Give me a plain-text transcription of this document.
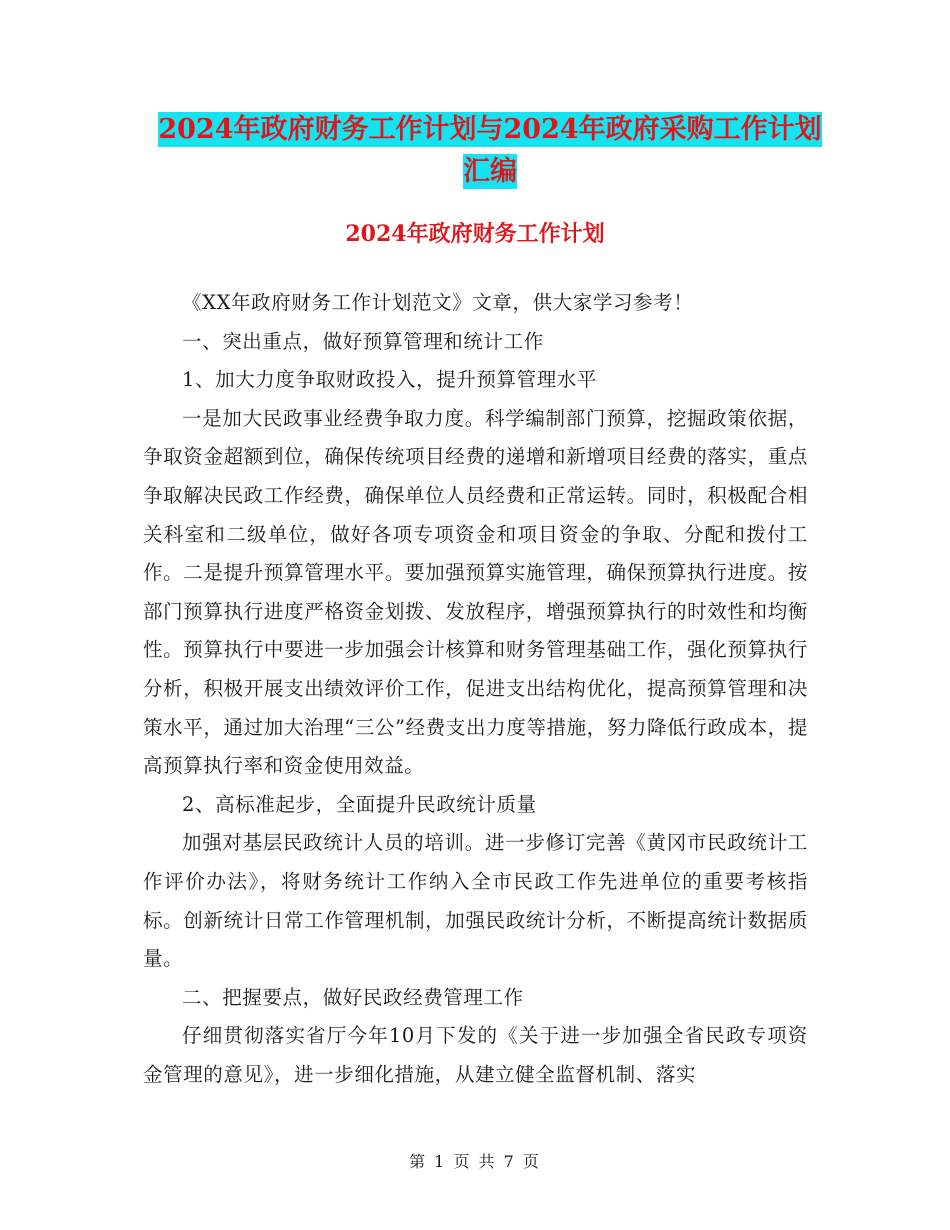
2024年政府财务工作计划与2024年政府采购工作计划
汇编
2024年政府财务工作计划

《XX年政府财务工作计划范文》文章，供大家学习参考！

一、突出重点，做好预算管理和统计工作

1、加大力度争取财政投入，提升预算管理水平

一是加大民政事业经费争取力度。科学编制部门预算，挖掘政策依据，争取资金超额到位，确保传统项目经费的递增和新增项目经费的落实，重点争取解决民政工作经费，确保单位人员经费和正常运转。同时，积极配合相关科室和二级单位，做好各项专项资金和项目资金的争取、分配和拨付工作。二是提升预算管理水平。要加强预算实施管理，确保预算执行进度。按部门预算执行进度严格资金划拨、发放程序，增强预算执行的时效性和均衡性。预算执行中要进一步加强会计核算和财务管理基础工作，强化预算执行分析，积极开展支出绩效评价工作，促进支出结构优化，提高预算管理和决策水平，通过加大治理“三公”经费支出力度等措施，努力降低行政成本，提高预算执行率和资金使用效益。

2、高标准起步，全面提升民政统计质量

加强对基层民政统计人员的培训。进一步修订完善《黄冈市民政统计工作评价办法》，将财务统计工作纳入全市民政工作先进单位的重要考核指标。创新统计日常工作管理机制，加强民政统计分析，不断提高统计数据质量。

二、把握要点，做好民政经费管理工作

仔细贯彻落实省厅今年10月下发的《关于进一步加强全省民政专项资金管理的意见》，进一步细化措施，从建立健全监督机制、落实

第 1 页 共 7 页
